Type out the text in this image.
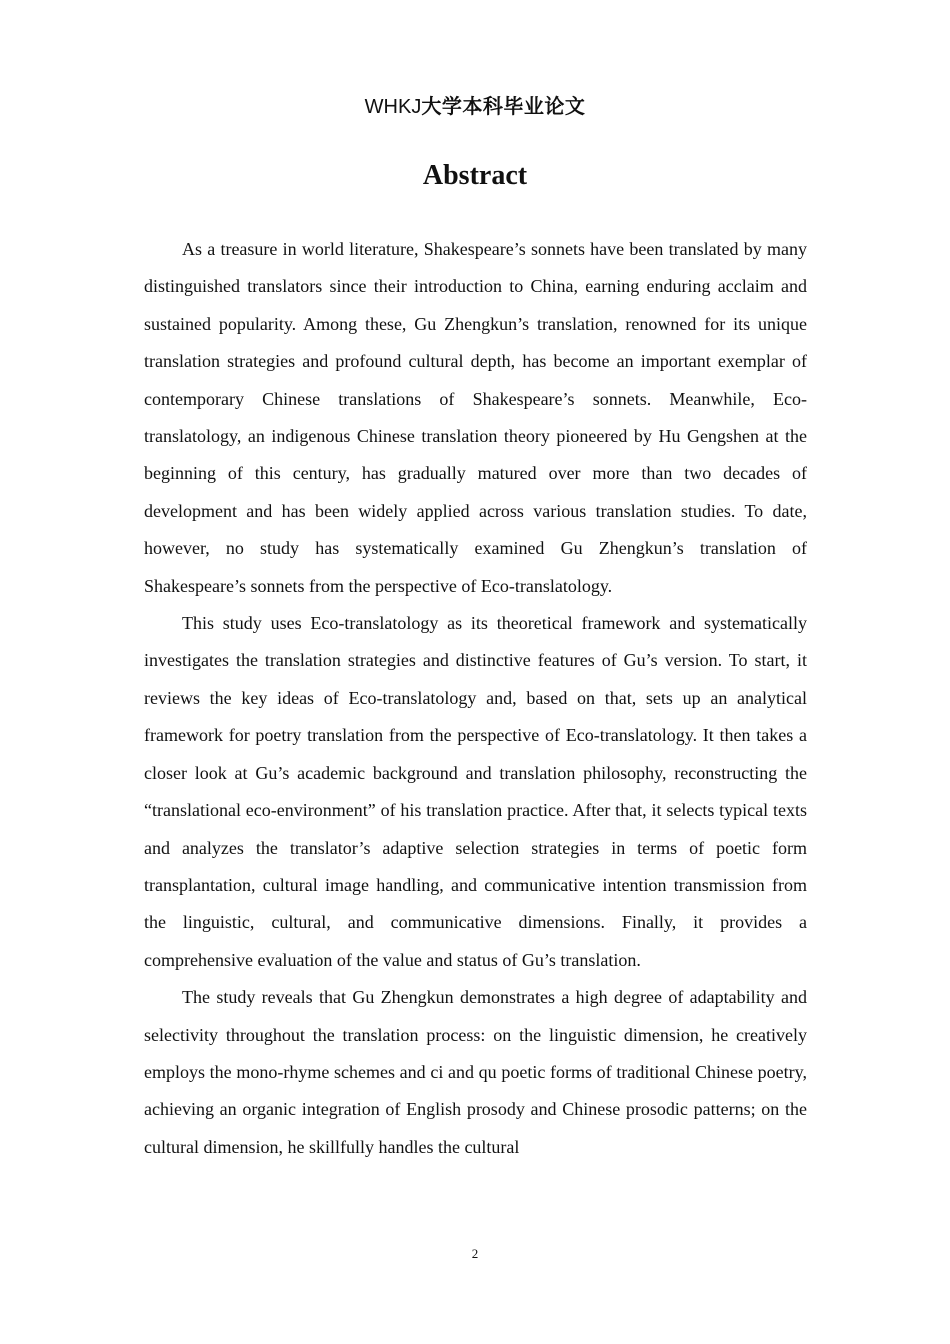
WHKJ大学本科毕业论文
Abstract

As a treasure in world literature, Shakespeare’s sonnets have been translated by many distinguished translators since their introduction to China, earning enduring acclaim and sustained popularity. Among these, Gu Zhengkun’s translation, renowned for its unique translation strategies and profound cultural depth, has become an important exemplar of contemporary Chinese translations of Shakespeare’s sonnets. Meanwhile, Eco-translatology, an indigenous Chinese translation theory pioneered by Hu Gengshen at the beginning of this century, has gradually matured over more than two decades of development and has been widely applied across various translation studies. To date, however, no study has systematically examined Gu Zhengkun’s translation of Shakespeare’s sonnets from the perspective of Eco-translatology.

This study uses Eco-translatology as its theoretical framework and systematically investigates the translation strategies and distinctive features of Gu’s version. To start, it reviews the key ideas of Eco-translatology and, based on that, sets up an analytical framework for poetry translation from the perspective of Eco-translatology. It then takes a closer look at Gu’s academic background and translation philosophy, reconstructing the “translational eco-environment” of his translation practice. After that, it selects typical texts and analyzes the translator’s adaptive selection strategies in terms of poetic form transplantation, cultural image handling, and communicative intention transmission from the linguistic, cultural, and communicative dimensions. Finally, it provides a comprehensive evaluation of the value and status of Gu’s translation.

The study reveals that Gu Zhengkun demonstrates a high degree of adaptability and selectivity throughout the translation process: on the linguistic dimension, he creatively employs the mono-rhyme schemes and ci and qu poetic forms of traditional Chinese poetry, achieving an organic integration of English prosody and Chinese prosodic patterns; on the cultural dimension, he skillfully handles the cultural

2
